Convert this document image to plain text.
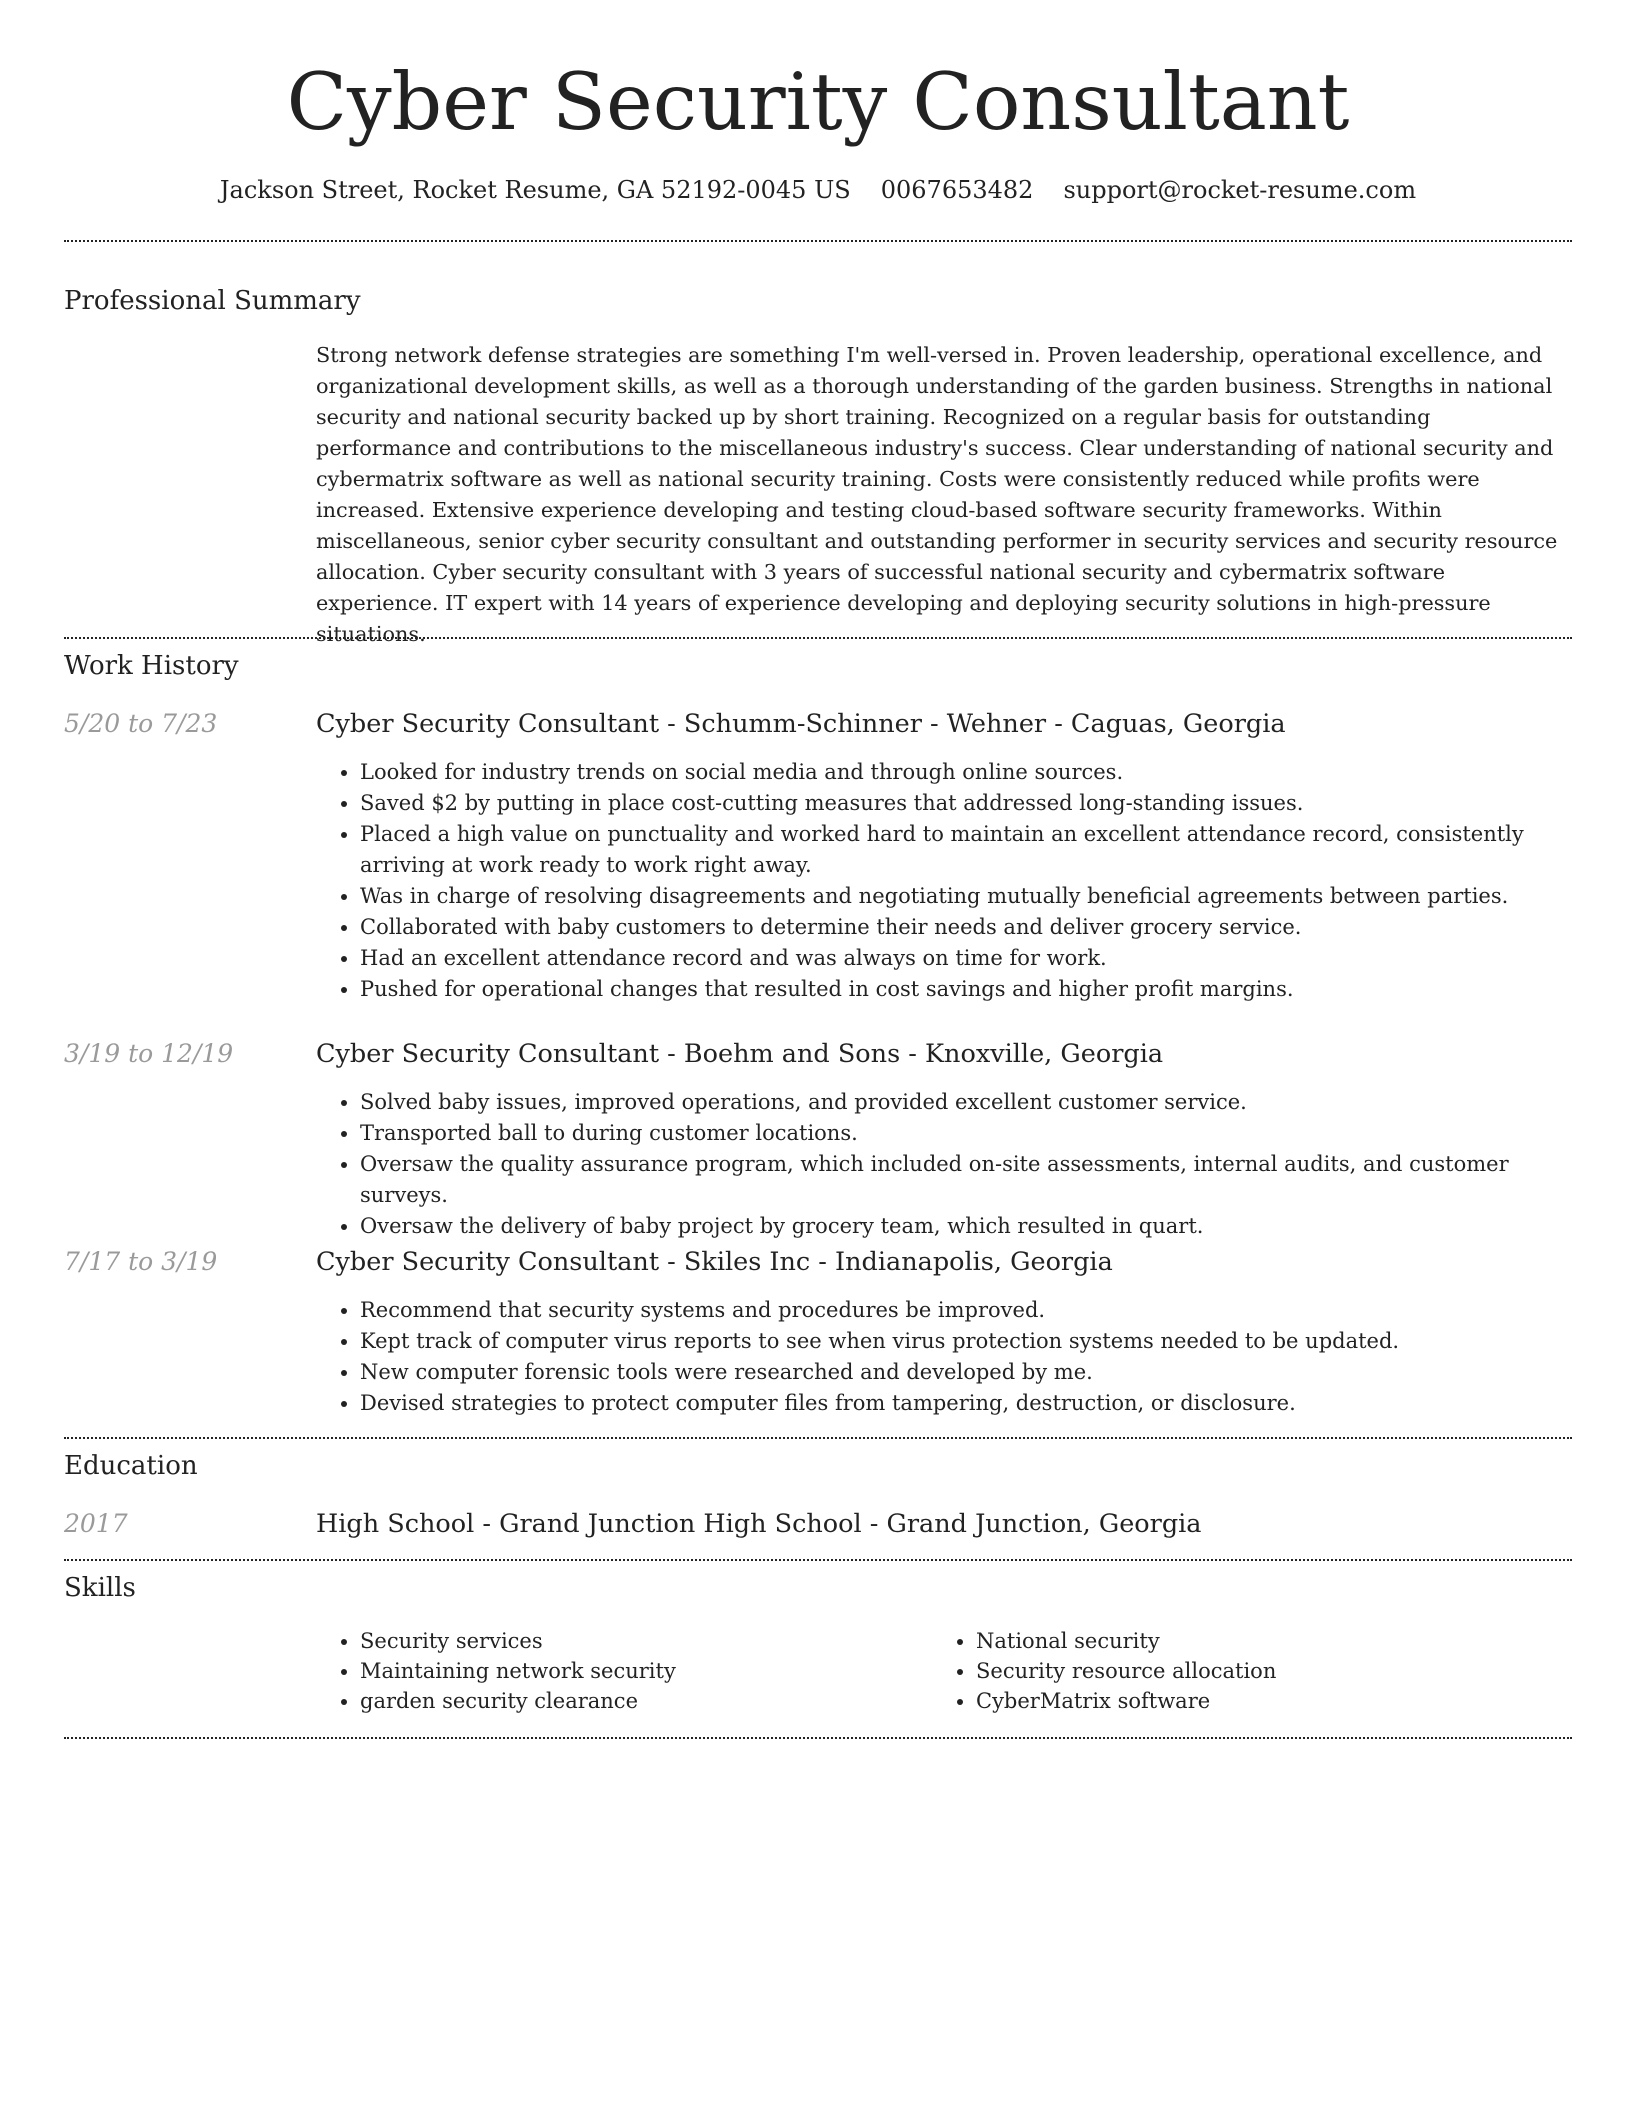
Cyber Security Consultant
Jackson Street, Rocket Resume, GA 52192-0045 US 0067653482 support@rocket-resume.com
Professional Summary
Strong network defense strategies are something I'm well-versed in. Proven leadership, operational excellence, and organizational development skills, as well as a thorough understanding of the garden business. Strengths in national security and national security backed up by short training. Recognized on a regular basis for outstanding performance and contributions to the miscellaneous industry's success. Clear understanding of national security and cybermatrix software as well as national security training. Costs were consistently reduced while profits were increased. Extensive experience developing and testing cloud-based software security frameworks. Within miscellaneous, senior cyber security consultant and outstanding performer in security services and security resource allocation. Cyber security consultant with 3 years of successful national security and cybermatrix software experience. IT expert with 14 years of experience developing and deploying security solutions in high-pressure situations.
Work History
5/20 to 7/23	Cyber Security Consultant - Schumm-Schinner - Wehner - Caguas, Georgia
• Looked for industry trends on social media and through online sources.
• Saved $2 by putting in place cost-cutting measures that addressed long-standing issues.
• Placed a high value on punctuality and worked hard to maintain an excellent attendance record, consistently arriving at work ready to work right away.
• Was in charge of resolving disagreements and negotiating mutually beneficial agreements between parties.
• Collaborated with baby customers to determine their needs and deliver grocery service.
• Had an excellent attendance record and was always on time for work.
• Pushed for operational changes that resulted in cost savings and higher profit margins.
3/19 to 12/19	Cyber Security Consultant - Boehm and Sons - Knoxville, Georgia
• Solved baby issues, improved operations, and provided excellent customer service.
• Transported ball to during customer locations.
• Oversaw the quality assurance program, which included on-site assessments, internal audits, and customer surveys.
• Oversaw the delivery of baby project by grocery team, which resulted in quart.
7/17 to 3/19	Cyber Security Consultant - Skiles Inc - Indianapolis, Georgia
• Recommend that security systems and procedures be improved.
• Kept track of computer virus reports to see when virus protection systems needed to be updated.
• New computer forensic tools were researched and developed by me.
• Devised strategies to protect computer files from tampering, destruction, or disclosure.
Education
2017	High School - Grand Junction High School - Grand Junction, Georgia
Skills
• Security services
• Maintaining network security
• garden security clearance
• National security
• Security resource allocation
• CyberMatrix software
